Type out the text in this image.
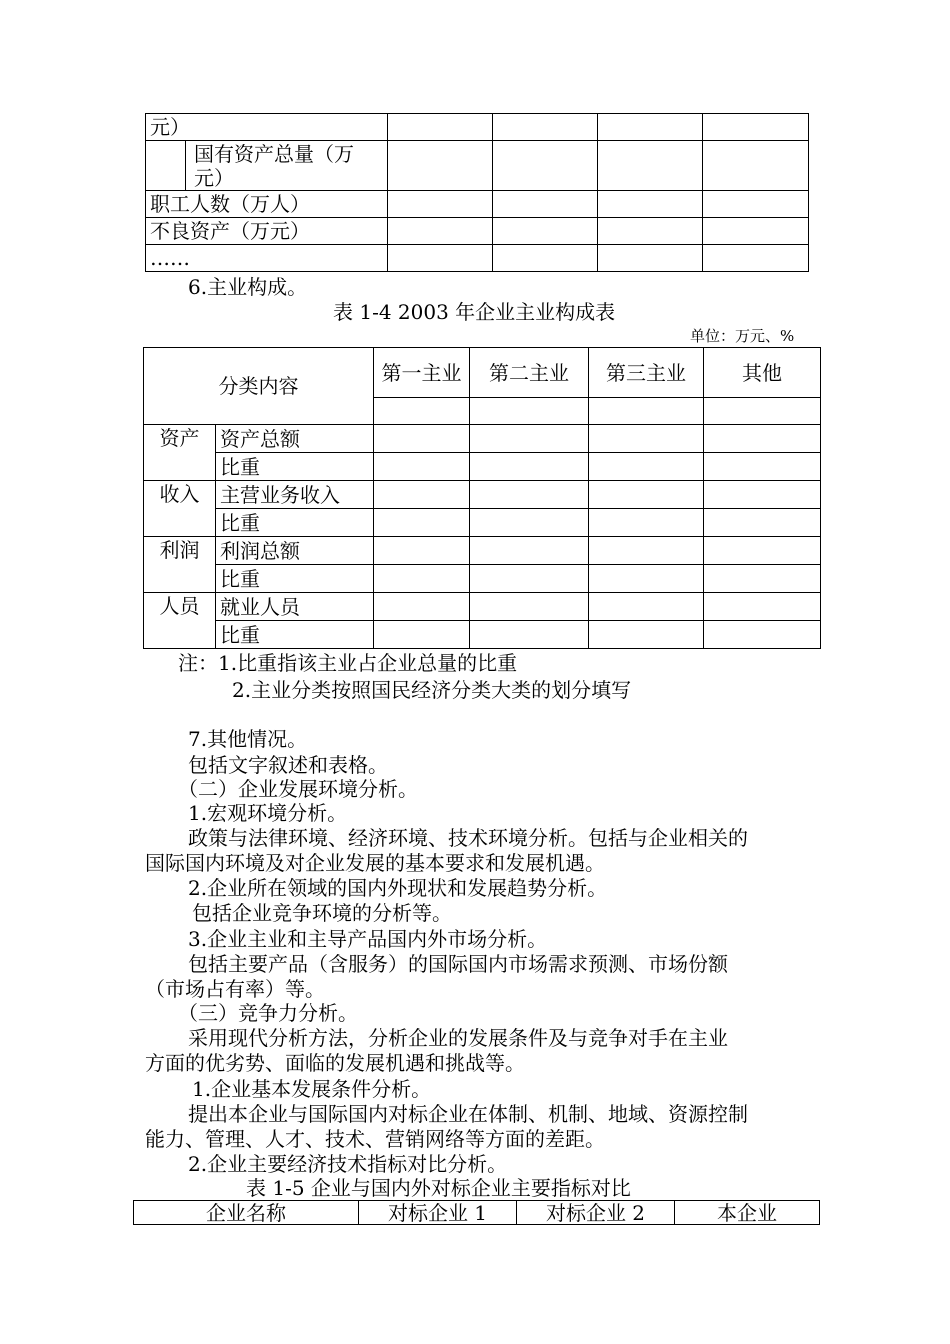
元）					
	国有资产总量（万元）				
职工人数（万人）					
不良资产（万元）					
……					
6.主业构成。
表 1-4 2003 年企业主业构成表
单位：万元、%
分类内容		第一主业	第二主业	第三主业	其他

资产	资产总额				
	比重				
收入	主营业务收入				
	比重				
利润	利润总额				
	比重				
人员	就业人员				
	比重				
注：1.比重指该主业占企业总量的比重
2.主业分类按照国民经济分类大类的划分填写
7.其他情况。
包括文字叙述和表格。
（二）企业发展环境分析。
1.宏观环境分析。
政策与法律环境、经济环境、技术环境分析。包括与企业相关的
国际国内环境及对企业发展的基本要求和发展机遇。
2.企业所在领域的国内外现状和发展趋势分析。
包括企业竞争环境的分析等。
3.企业主业和主导产品国内外市场分析。
包括主要产品（含服务）的国际国内市场需求预测、市场份额
（市场占有率）等。
（三）竞争力分析。
采用现代分析方法，分析企业的发展条件及与竞争对手在主业
方面的优劣势、面临的发展机遇和挑战等。
1.企业基本发展条件分析。
提出本企业与国际国内对标企业在体制、机制、地域、资源控制
能力、管理、人才、技术、营销网络等方面的差距。
2.企业主要经济技术指标对比分析。
表 1-5 企业与国内外对标企业主要指标对比
企业名称	对标企业 1	对标企业 2	本企业
